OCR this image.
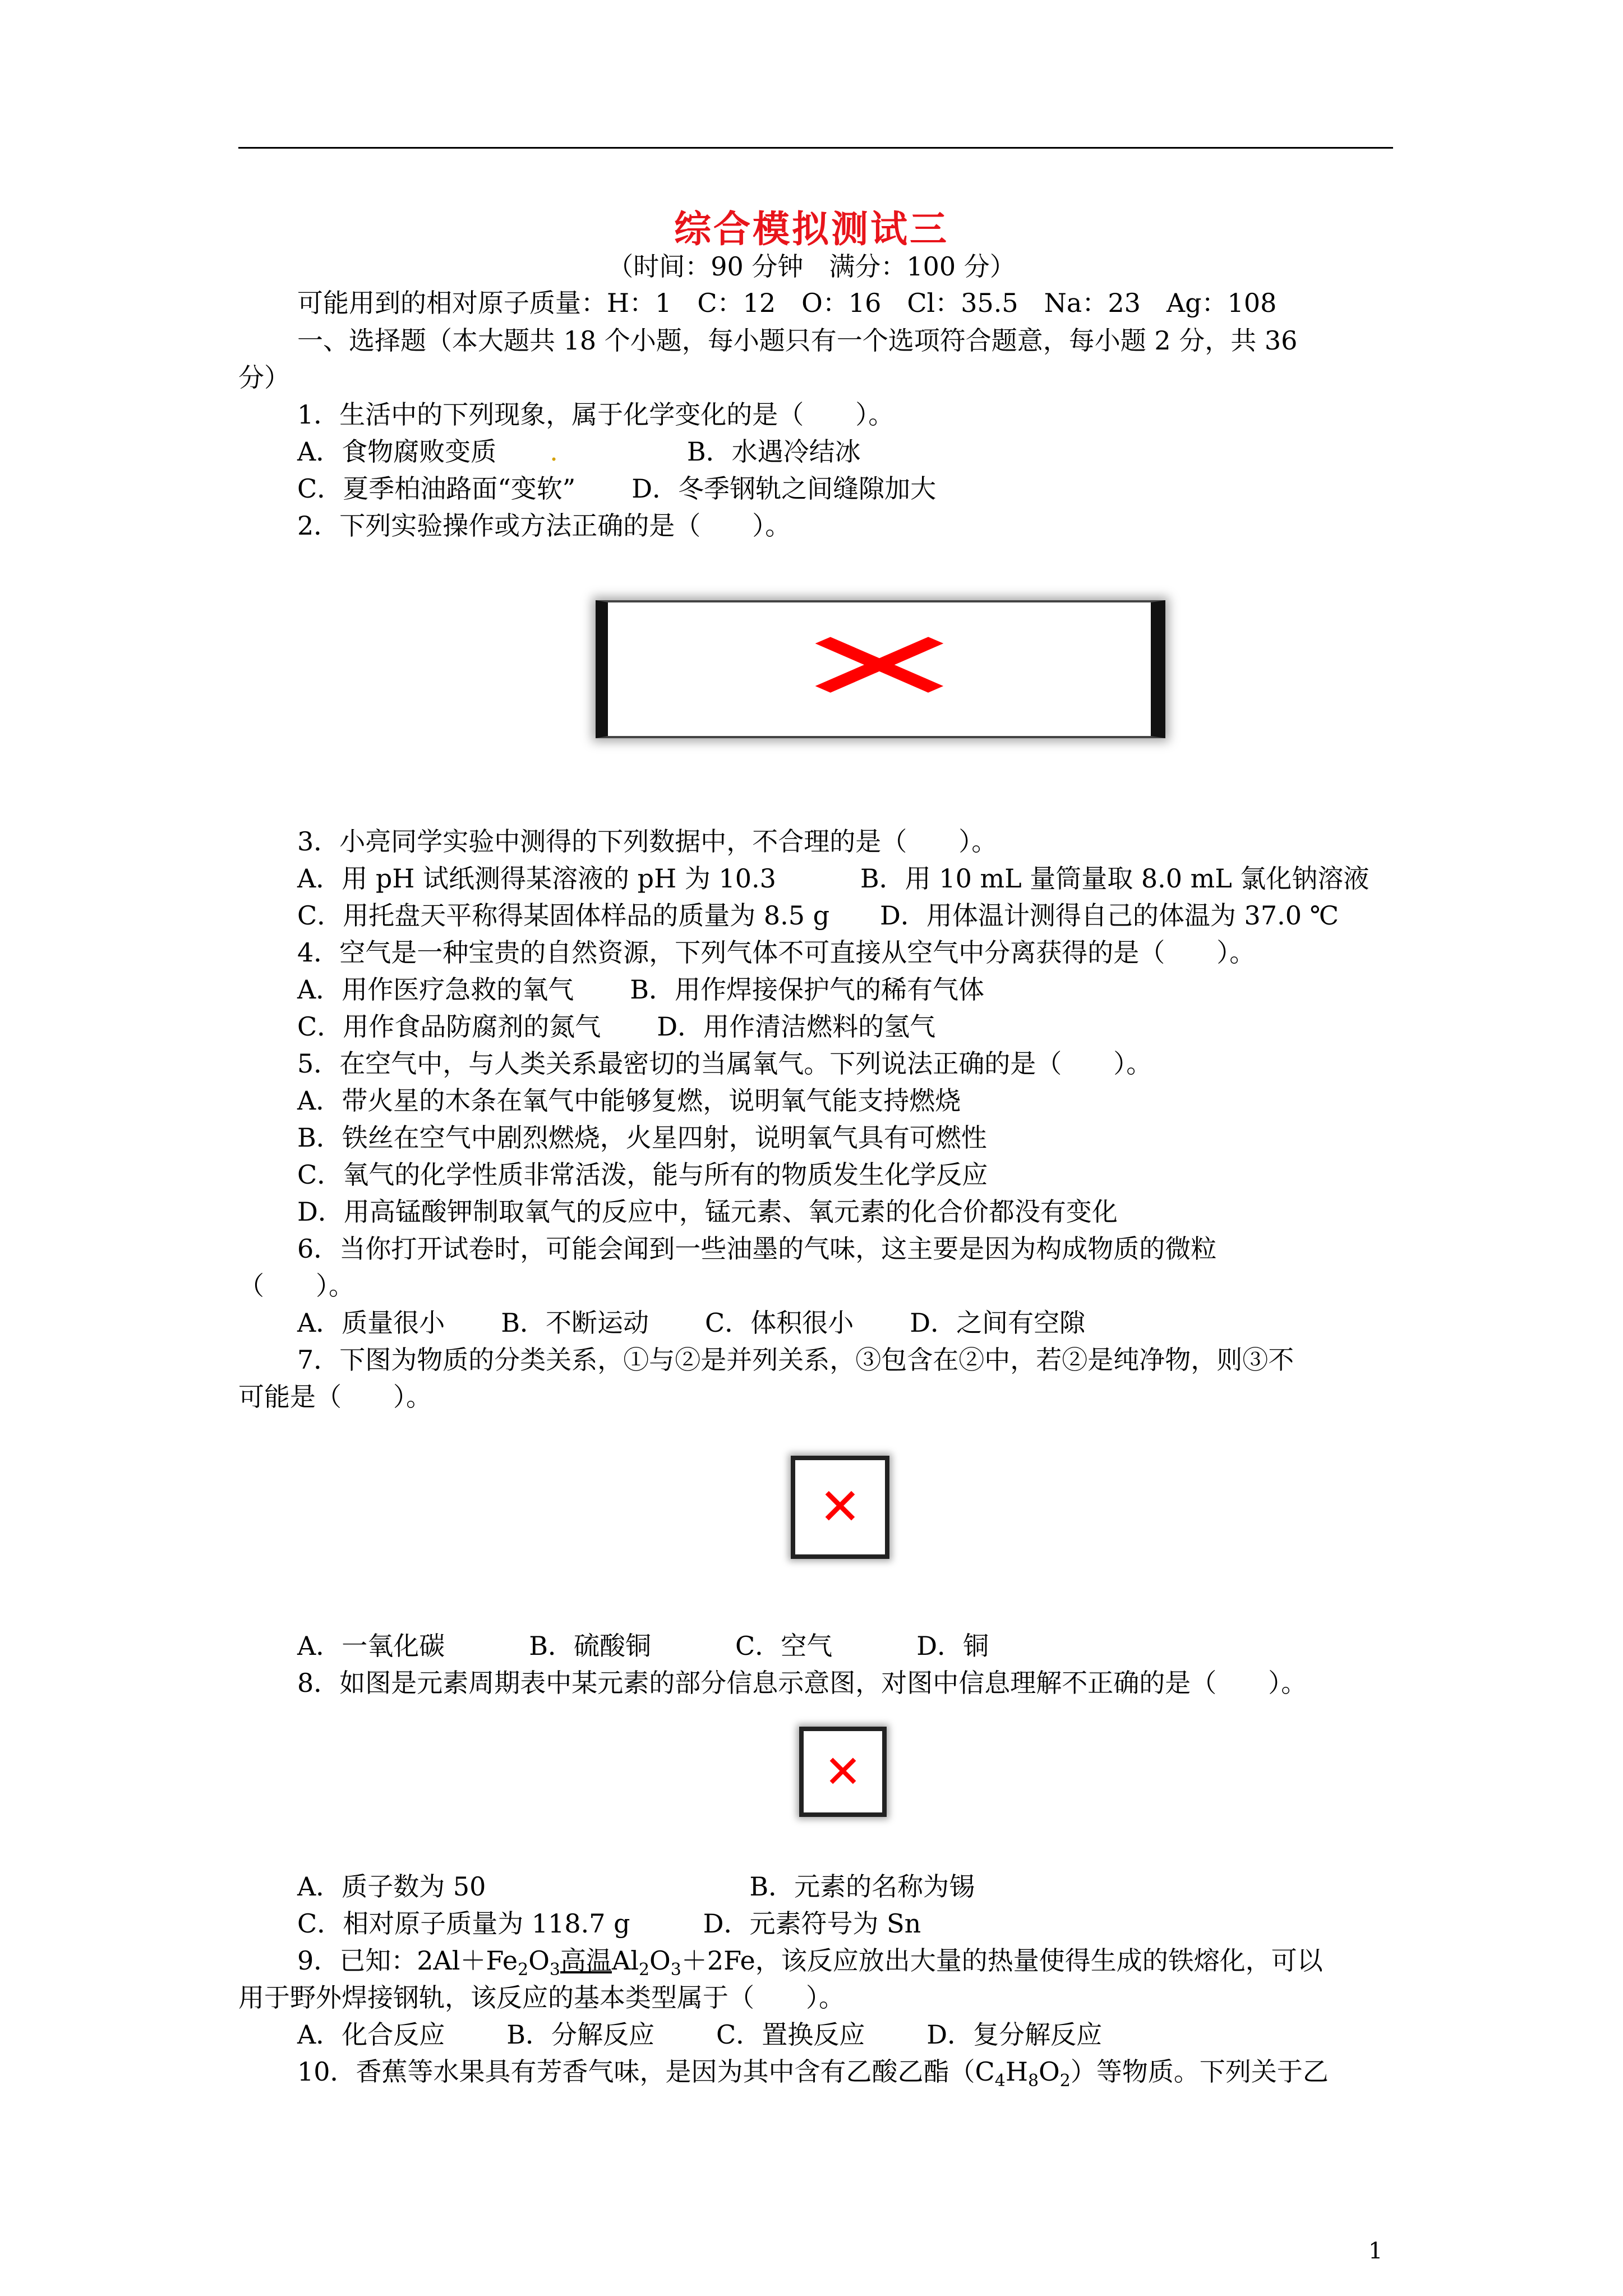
综合模拟测试三
（时间：90 分钟　满分：100 分）
可能用到的相对原子质量：H：1　C：12　O：16　Cl：35.5　Na：23　Ag：108
一、选择题（本大题共 18 个小题，每小题只有一个选项符合题意，每小题 2 分，共 36
分）
1．生活中的下列现象，属于化学变化的是（　　）。
A．食物腐败变质 .	B．水遇冷结冰
C．夏季柏油路面“变软” D．冬季钢轨之间缝隙加大
2．下列实验操作或方法正确的是（　　）。
✕
3．小亮同学实验中测得的下列数据中，不合理的是（　　）。
A．用 pH 试纸测得某溶液的 pH 为 10.3	B．用 10 mL 量筒量取 8.0 mL 氯化钠溶液
C．用托盘天平称得某固体样品的质量为 8.5 g D．用体温计测得自己的体温为 37.0 ℃
4．空气是一种宝贵的自然资源，下列气体不可直接从空气中分离获得的是（　　）。
A．用作医疗急救的氧气 B．用作焊接保护气的稀有气体
C．用作食品防腐剂的氮气 D．用作清洁燃料的氢气
5．在空气中，与人类关系最密切的当属氧气。下列说法正确的是（　　）。
A．带火星的木条在氧气中能够复燃，说明氧气能支持燃烧
B．铁丝在空气中剧烈燃烧，火星四射，说明氧气具有可燃性
C．氧气的化学性质非常活泼，能与所有的物质发生化学反应
D．用高锰酸钾制取氧气的反应中，锰元素、氧元素的化合价都没有变化
6．当你打开试卷时，可能会闻到一些油墨的气味，这主要是因为构成物质的微粒
（　　）。
A．质量很小 B．不断运动 C．体积很小 D．之间有空隙
7．下图为物质的分类关系，①与②是并列关系，③包含在②中，若②是纯净物，则③不
可能是（　　）。
✕
A．一氧化碳	B．硫酸铜	C．空气	D．铜
8．如图是元素周期表中某元素的部分信息示意图，对图中信息理解不正确的是（　　）。
✕
A．质子数为 50	B．元素的名称为锡
C．相对原子质量为 118.7 g	D．元素符号为 Sn
9．已知：$2Al+Fe_2O_3$高温$Al_2O_3+2Fe$，该反应放出大量的热量使得生成的铁熔化，可以
用于野外焊接钢轨，该反应的基本类型属于（　　）。
A．化合反应 B．分解反应 C．置换反应 D．复分解反应
10．香蕉等水果具有芳香气味，是因为其中含有乙酸乙酯$(C_4H_8O_2)$等物质。下列关于乙
1
